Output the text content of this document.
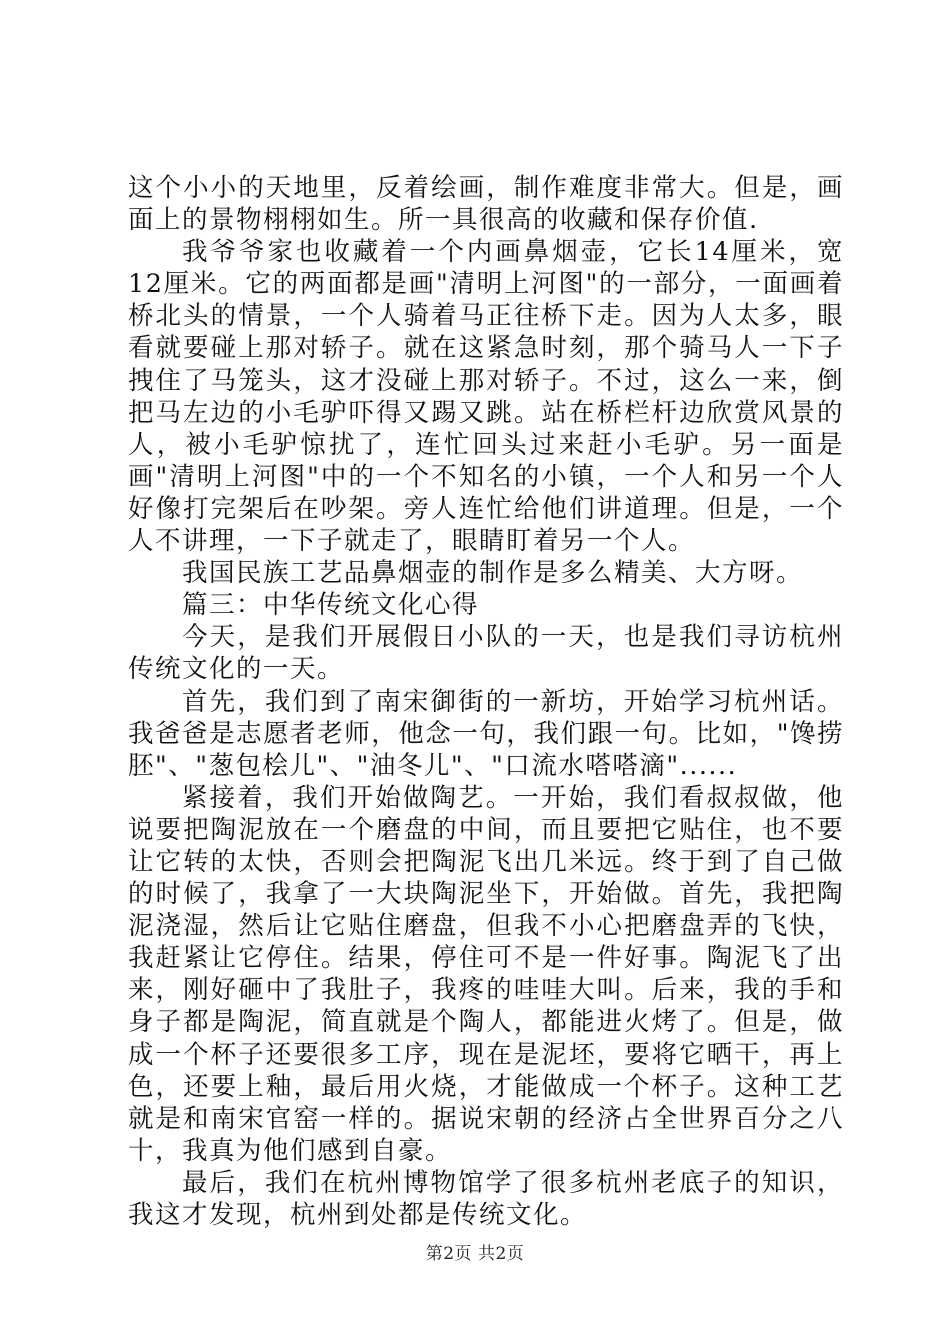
这个小小的天地里，反着绘画，制作难度非常大。但是，画面上的景物栩栩如生。所一具很高的收藏和保存价值.

我爷爷家也收藏着一个内画鼻烟壶，它长14厘米，宽12厘米。它的两面都是画"清明上河图"的一部分，一面画着桥北头的情景，一个人骑着马正往桥下走。因为人太多，眼看就要碰上那对轿子。就在这紧急时刻，那个骑马人一下子拽住了马笼头，这才没碰上那对轿子。不过，这么一来，倒把马左边的小毛驴吓得又踢又跳。站在桥栏杆边欣赏风景的人，被小毛驴惊扰了，连忙回头过来赶小毛驴。另一面是画"清明上河图"中的一个不知名的小镇，一个人和另一个人好像打完架后在吵架。旁人连忙给他们讲道理。但是，一个人不讲理，一下子就走了，眼睛盯着另一个人。

我国民族工艺品鼻烟壶的制作是多么精美、大方呀。

篇三：中华传统文化心得

今天，是我们开展假日小队的一天，也是我们寻访杭州传统文化的一天。

首先，我们到了南宋御街的一新坊，开始学习杭州话。我爸爸是志愿者老师，他念一句，我们跟一句。比如，"馋捞胚"、"葱包桧儿"、"油冬儿"、"口流水嗒嗒滴"......

紧接着，我们开始做陶艺。一开始，我们看叔叔做，他说要把陶泥放在一个磨盘的中间，而且要把它贴住，也不要让它转的太快，否则会把陶泥飞出几米远。终于到了自己做的时候了，我拿了一大块陶泥坐下，开始做。首先，我把陶泥浇湿，然后让它贴住磨盘，但我不小心把磨盘弄的飞快，我赶紧让它停住。结果，停住可不是一件好事。陶泥飞了出来，刚好砸中了我肚子，我疼的哇哇大叫。后来，我的手和身子都是陶泥，简直就是个陶人，都能进火烤了。但是，做成一个杯子还要很多工序，现在是泥坯，要将它晒干，再上色，还要上釉，最后用火烧，才能做成一个杯子。这种工艺就是和南宋官窑一样的。据说宋朝的经济占全世界百分之八十，我真为他们感到自豪。

最后，我们在杭州博物馆学了很多杭州老底子的知识，我这才发现，杭州到处都是传统文化。

第2页 共2页
